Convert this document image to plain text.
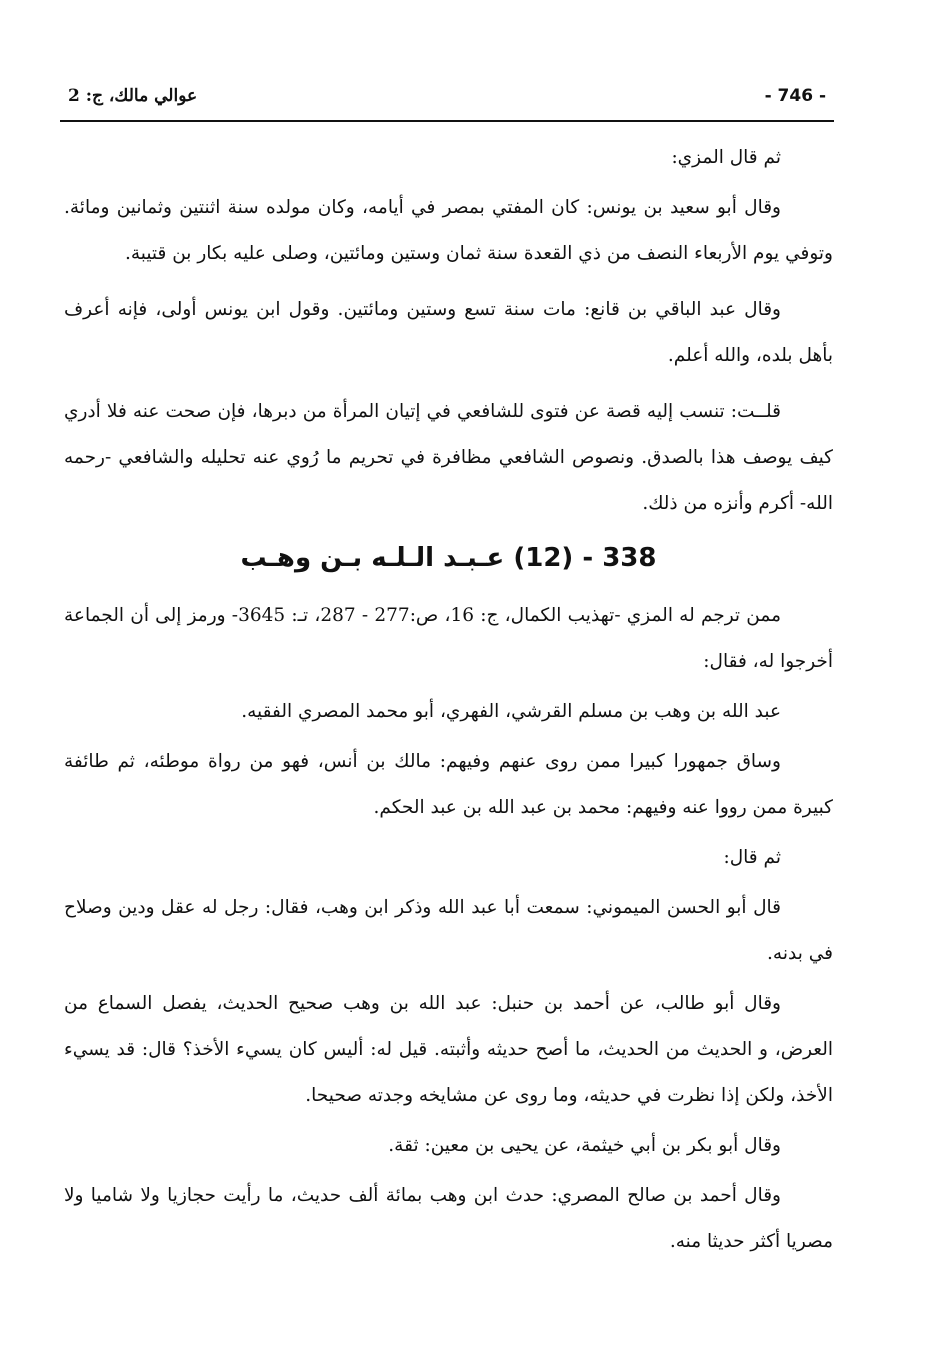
عوالي مالك، ج: 2	- 746 -

ثم قال المزي:

وقال أبو سعيد بن يونس: كان المفتي بمصر في أيامه، وكان مولده سنة اثنتين وثمانين ومائة. وتوفي يوم الأربعاء النصف من ذي القعدة سنة ثمان وستين ومائتين، وصلى عليه بكار بن قتيبة.

وقال عبد الباقي بن قانع: مات سنة تسع وستين ومائتين. وقول ابن يونس أولى، فإنه أعرف بأهل بلده، والله أعلم.

قلــت: تنسب إليه قصة عن فتوى للشافعي في إتيان المرأة من دبرها، فإن صحت عنه فلا أدري كيف يوصف هذا بالصدق. ونصوص الشافعي مظافرة في تحريم ما رُوي عنه تحليله والشافعي -رحمه الله- أكرم وأنزه من ذلك.

338 - (12) عـبـد الـلـه بـن وهـب

ممن ترجم له المزي -تهذيب الكمال، ج: 16، ص:277 - 287، تـ: 3645- ورمز إلى أن الجماعة أخرجوا له، فقال:

عبد الله بن وهب بن مسلم القرشي، الفهري، أبو محمد المصري الفقيه.

وساق جمهورا كبيرا ممن روى عنهم وفيهم: مالك بن أنس، فهو من رواة موطئه، ثم طائفة كبيرة ممن رووا عنه وفيهم: محمد بن عبد الله بن عبد الحكم.

ثم قال:

قال أبو الحسن الميموني: سمعت أبا عبد الله وذكر ابن وهب، فقال: رجل له عقل ودين وصلاح في بدنه.

وقال أبو طالب، عن أحمد بن حنبل: عبد الله بن وهب صحيح الحديث، يفصل السماع من العرض، و الحديث من الحديث، ما أصح حديثه وأثبته. قيل له: أليس كان يسيء الأخذ؟ قال: قد يسيء الأخذ، ولكن إذا نظرت في حديثه، وما روى عن مشايخه وجدته صحيحا.

وقال أبو بكر بن أبي خيثمة، عن يحيى بن معين: ثقة.

وقال أحمد بن صالح المصري: حدث ابن وهب بمائة ألف حديث، ما رأيت حجازيا ولا شاميا ولا مصريا أكثر حديثا منه.
